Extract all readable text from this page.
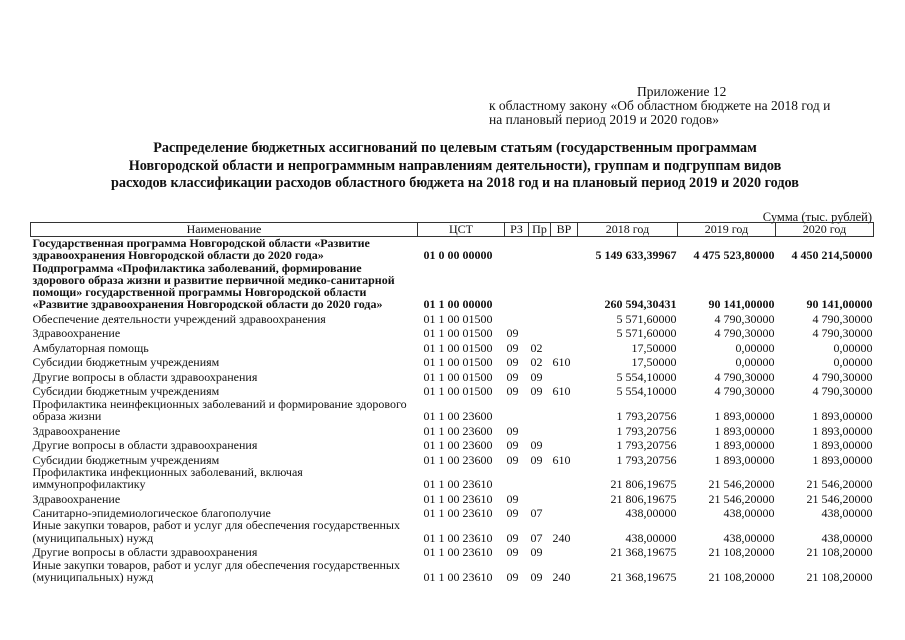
Приложение 12
к областному закону «Об областном бюджете на 2018 год и
на плановый период 2019 и 2020 годов»
Распределение бюджетных ассигнований по целевым статьям (государственным программам
Новгородской области и непрограммным направлениям деятельности), группам и подгруппам видов
расходов классификации расходов областного бюджета на 2018 год и на плановый период 2019 и 2020 годов
Сумма (тыс. рублей)
Наименование	ЦСТ	РЗ	Пр	ВР	2018 год	2019 год	2020 год
Государственная программа Новгородской области «Развитие здравоохранения Новгородской области до 2020 года»	01 0 00 00000				5 149 633,39967	4 475 523,80000	4 450 214,50000
Подпрограмма «Профилактика заболеваний, формирование здорового образа жизни и развитие первичной медико-санитарной помощи» государственной программы Новгородской области «Развитие здравоохранения Новгородской области до 2020 года»	01 1 00 00000				260 594,30431	90 141,00000	90 141,00000
Обеспечение деятельности учреждений здравоохранения	01 1 00 01500				5 571,60000	4 790,30000	4 790,30000
Здравоохранение	01 1 00 01500	09			5 571,60000	4 790,30000	4 790,30000
Амбулаторная помощь	01 1 00 01500	09	02		17,50000	0,00000	0,00000
Субсидии бюджетным учреждениям	01 1 00 01500	09	02	610	17,50000	0,00000	0,00000
Другие вопросы в области здравоохранения	01 1 00 01500	09	09		5 554,10000	4 790,30000	4 790,30000
Субсидии бюджетным учреждениям	01 1 00 01500	09	09	610	5 554,10000	4 790,30000	4 790,30000
Профилактика неинфекционных заболеваний и формирование здорового образа жизни	01 1 00 23600				1 793,20756	1 893,00000	1 893,00000
Здравоохранение	01 1 00 23600	09			1 793,20756	1 893,00000	1 893,00000
Другие вопросы в области здравоохранения	01 1 00 23600	09	09		1 793,20756	1 893,00000	1 893,00000
Субсидии бюджетным учреждениям	01 1 00 23600	09	09	610	1 793,20756	1 893,00000	1 893,00000
Профилактика инфекционных заболеваний, включая иммунопрофилактику	01 1 00 23610				21 806,19675	21 546,20000	21 546,20000
Здравоохранение	01 1 00 23610	09			21 806,19675	21 546,20000	21 546,20000
Санитарно-эпидемиологическое благополучие	01 1 00 23610	09	07		438,00000	438,00000	438,00000
Иные закупки товаров, работ и услуг для обеспечения государственных (муниципальных) нужд	01 1 00 23610	09	07	240	438,00000	438,00000	438,00000
Другие вопросы в области здравоохранения	01 1 00 23610	09	09		21 368,19675	21 108,20000	21 108,20000
Иные закупки товаров, работ и услуг для обеспечения государственных (муниципальных) нужд	01 1 00 23610	09	09	240	21 368,19675	21 108,20000	21 108,20000
